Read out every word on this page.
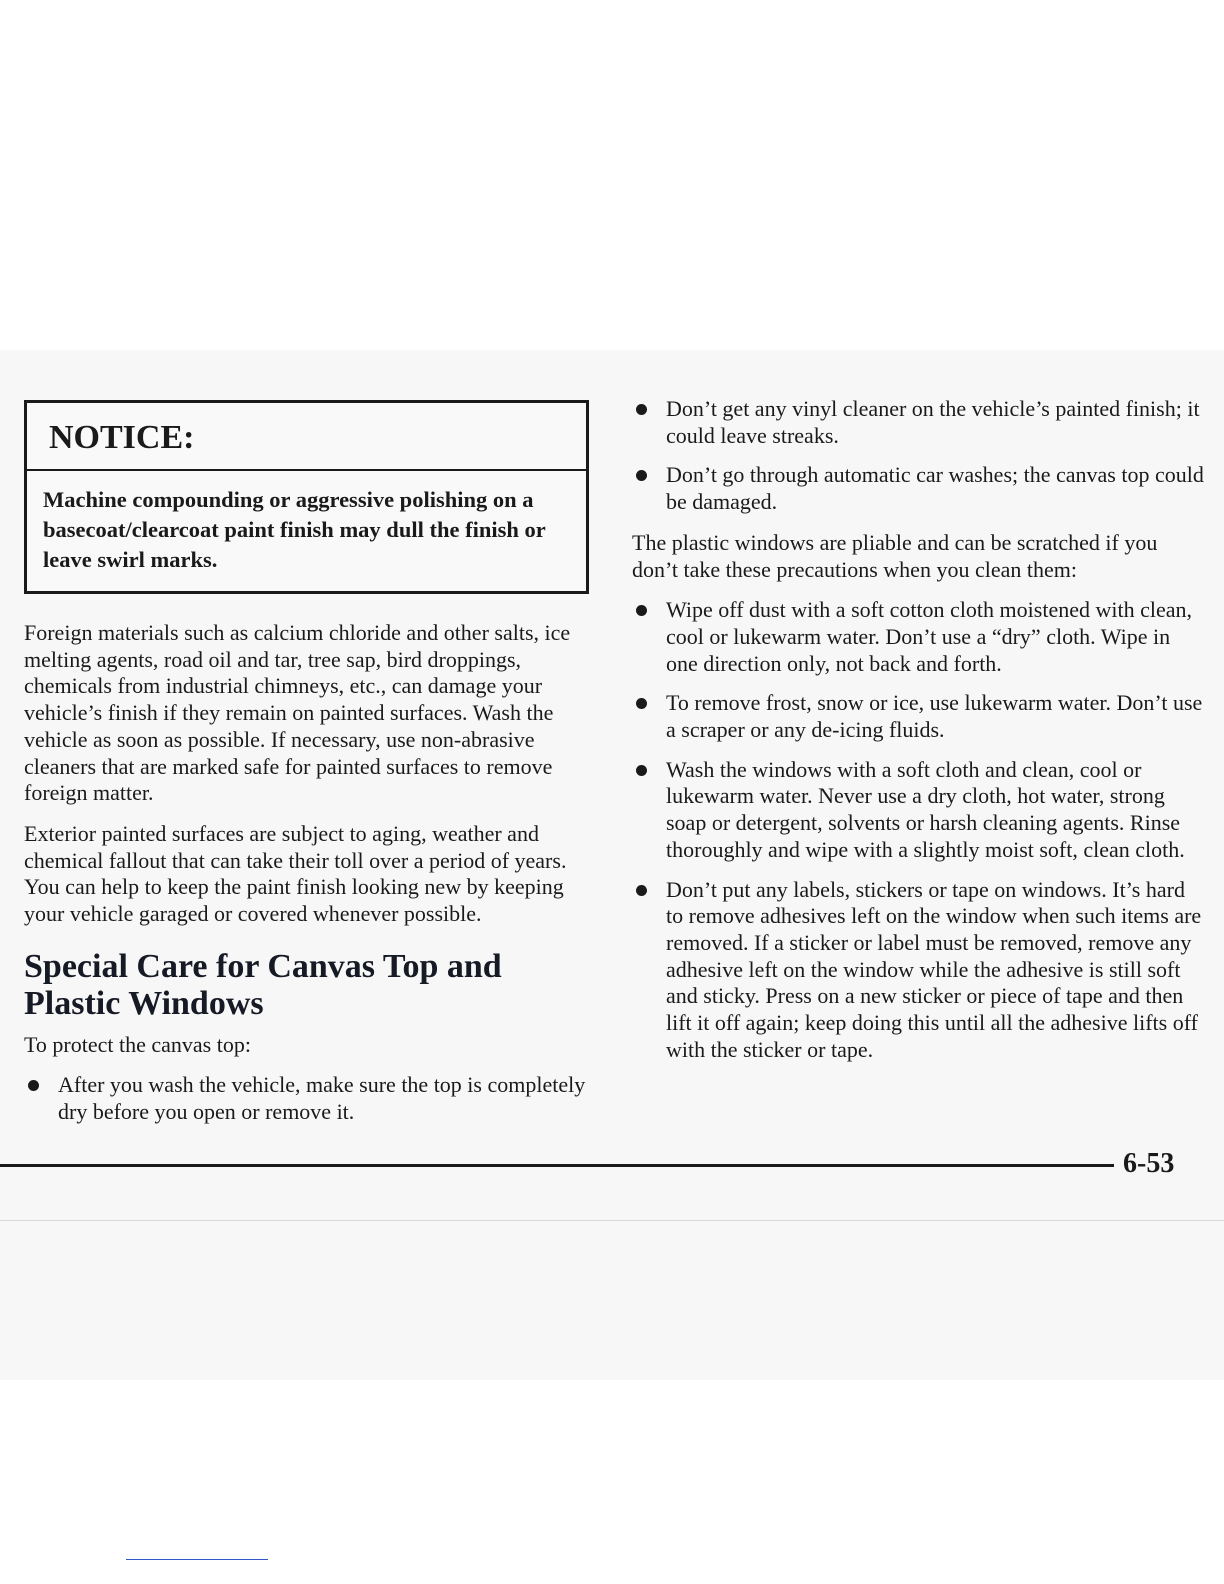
NOTICE:
Machine compounding or aggressive polishing on a basecoat/clearcoat paint finish may dull the finish or leave swirl marks.

Foreign materials such as calcium chloride and other salts, ice melting agents, road oil and tar, tree sap, bird droppings, chemicals from industrial chimneys, etc., can damage your vehicle’s finish if they remain on painted surfaces. Wash the vehicle as soon as possible. If necessary, use non-abrasive cleaners that are marked safe for painted surfaces to remove foreign matter.

Exterior painted surfaces are subject to aging, weather and chemical fallout that can take their toll over a period of years. You can help to keep the paint finish looking new by keeping your vehicle garaged or covered whenever possible.

Special Care for Canvas Top and Plastic Windows

To protect the canvas top:

After you wash the vehicle, make sure the top is completely dry before you open or remove it.
Don’t get any vinyl cleaner on the vehicle’s painted finish; it could leave streaks.
Don’t go through automatic car washes; the canvas top could be damaged.

The plastic windows are pliable and can be scratched if you don’t take these precautions when you clean them:

Wipe off dust with a soft cotton cloth moistened with clean, cool or lukewarm water. Don’t use a “dry” cloth. Wipe in one direction only, not back and forth.
To remove frost, snow or ice, use lukewarm water. Don’t use a scraper or any de-icing fluids.
Wash the windows with a soft cloth and clean, cool or lukewarm water. Never use a dry cloth, hot water, strong soap or detergent, solvents or harsh cleaning agents. Rinse thoroughly and wipe with a slightly moist soft, clean cloth.
Don’t put any labels, stickers or tape on windows. It’s hard to remove adhesives left on the window when such items are removed. If a sticker or label must be removed, remove any adhesive left on the window while the adhesive is still soft and sticky. Press on a new sticker or piece of tape and then lift it off again; keep doing this until all the adhesive lifts off with the sticker or tape.
6-53
